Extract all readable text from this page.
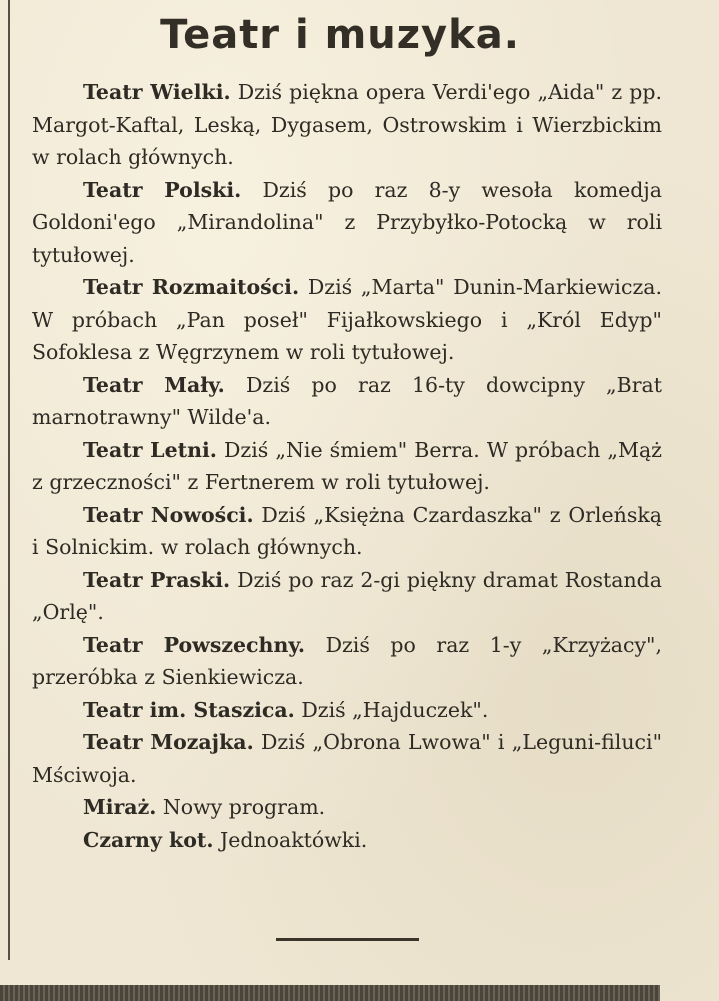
Teatr i muzyka.

Teatr Wielki. Dziś piękna opera Verdi'ego „Aida" z pp. Margot-Kaftal, Leską, Dygasem, Ostrowskim i Wierzbickim w rolach głównych.

Teatr Polski. Dziś po raz 8-y wesoła komedja Goldoni'ego „Mirandolina" z Przybyłko-Potocką w roli tytułowej.

Teatr Rozmaitości. Dziś „Marta" Dunin-Markiewicza. W próbach „Pan poseł" Fijałkowskiego i „Król Edyp" Sofoklesa z Węgrzynem w roli tytułowej.

Teatr Mały. Dziś po raz 16-ty dowcipny „Brat marnotrawny" Wilde'a.

Teatr Letni. Dziś „Nie śmiem" Berra. W próbach „Mąż z grzeczności" z Fertnerem w roli tytułowej.

Teatr Nowości. Dziś „Księżna Czardaszka" z Orleńską i Solnickim. w rolach głównych.

Teatr Praski. Dziś po raz 2-gi piękny dramat Rostanda „Orlę".

Teatr Powszechny. Dziś po raz 1-y „Krzyżacy", przeróbka z Sienkiewicza.

Teatr im. Staszica. Dziś „Hajduczek".

Teatr Mozajka. Dziś „Obrona Lwowa" i „Leguni-filuci" Mściwoja.

Miraż. Nowy program.

Czarny kot. Jednoaktówki.
